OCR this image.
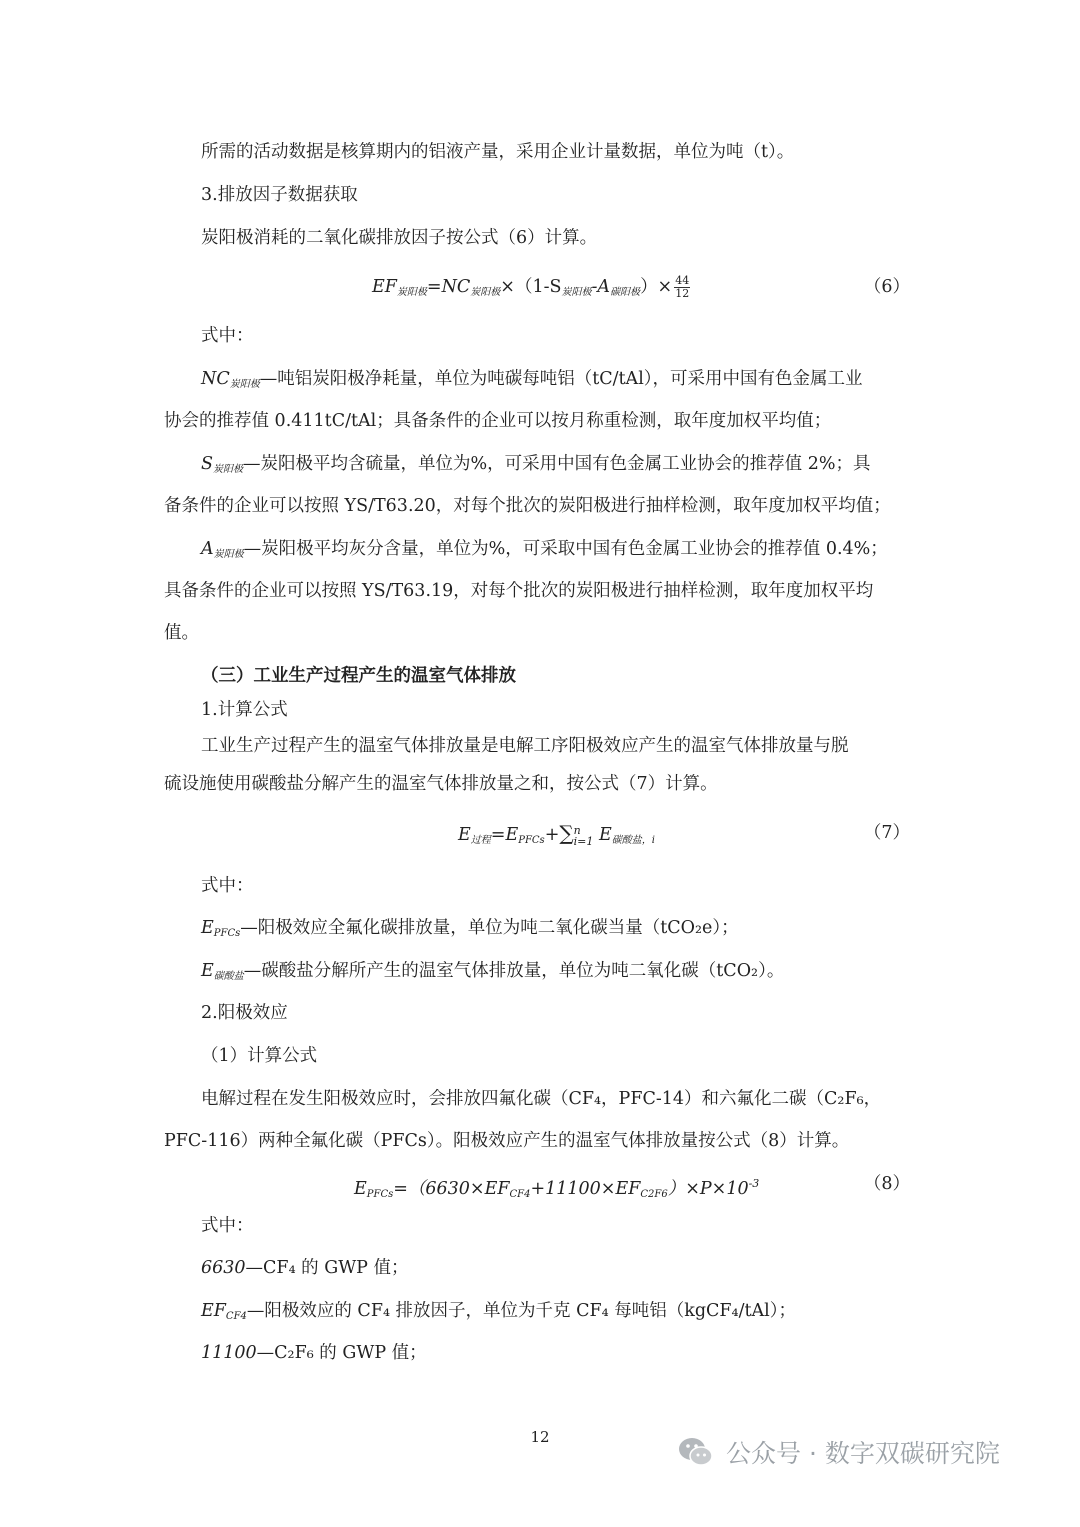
所需的活动数据是核算期内的铝液产量，采用企业计量数据，单位为吨（t）。
3.排放因子数据获取
炭阳极消耗的二氧化碳排放因子按公式（6）计算。
$EF_{炭阳极}=NC_{炭阳极}\times(1-S_{炭阳极}-A_{碳阳极})\times \frac{44}{12}$	（6）
式中：
$NC_{炭阳极}—$吨铝炭阳极净耗量，单位为吨碳每吨铝（tC/tAl），可采用中国有色金属工业
协会的推荐值 0.411tC/tAl；具备条件的企业可以按月称重检测，取年度加权平均值；
$S_{炭阳极}—$炭阳极平均含硫量，单位为%，可采用中国有色金属工业协会的推荐值 2%；具
备条件的企业可以按照 YS/T63.20，对每个批次的炭阳极进行抽样检测，取年度加权平均值；
$A_{炭阳极}—$炭阳极平均灰分含量，单位为%，可采取中国有色金属工业协会的推荐值 0.4%；
具备条件的企业可以按照 YS/T63.19，对每个批次的炭阳极进行抽样检测，取年度加权平均
值。
（三）工业生产过程产生的温室气体排放
1.计算公式
工业生产过程产生的温室气体排放量是电解工序阳极效应产生的温室气体排放量与脱
硫设施使用碳酸盐分解产生的温室气体排放量之和，按公式（7）计算。
$E_{过程}=E_{PFCs}+\sum$ n
i=1 $E_{碳酸盐,i}$	（7）
式中：
$E_{PFCs}—$阳极效应全氟化碳排放量，单位为吨二氧化碳当量（tCO₂e）；
$E_{碳酸盐}—$碳酸盐分解所产生的温室气体排放量，单位为吨二氧化碳（tCO₂）。
2.阳极效应
（1）计算公式
电解过程在发生阳极效应时，会排放四氟化碳（CF₄，PFC-14）和六氟化二碳（C₂F₆，
PFC-116）两种全氟化碳（PFCs）。阳极效应产生的温室气体排放量按公式（8）计算。
$E_{PFCs}=(6630\times EF_{CF4}+11100\times EF_{C2F6})\times P\times 10^{-3}$	（8）
式中：
6630—CF₄ 的 GWP 值；
$EF_{CF4}—$阳极效应的 CF₄ 排放因子，单位为千克 CF₄ 每吨铝（kgCF₄/tAl）；
11100—C₂F₆ 的 GWP 值；
12
公众号 · 数字双碳研究院
